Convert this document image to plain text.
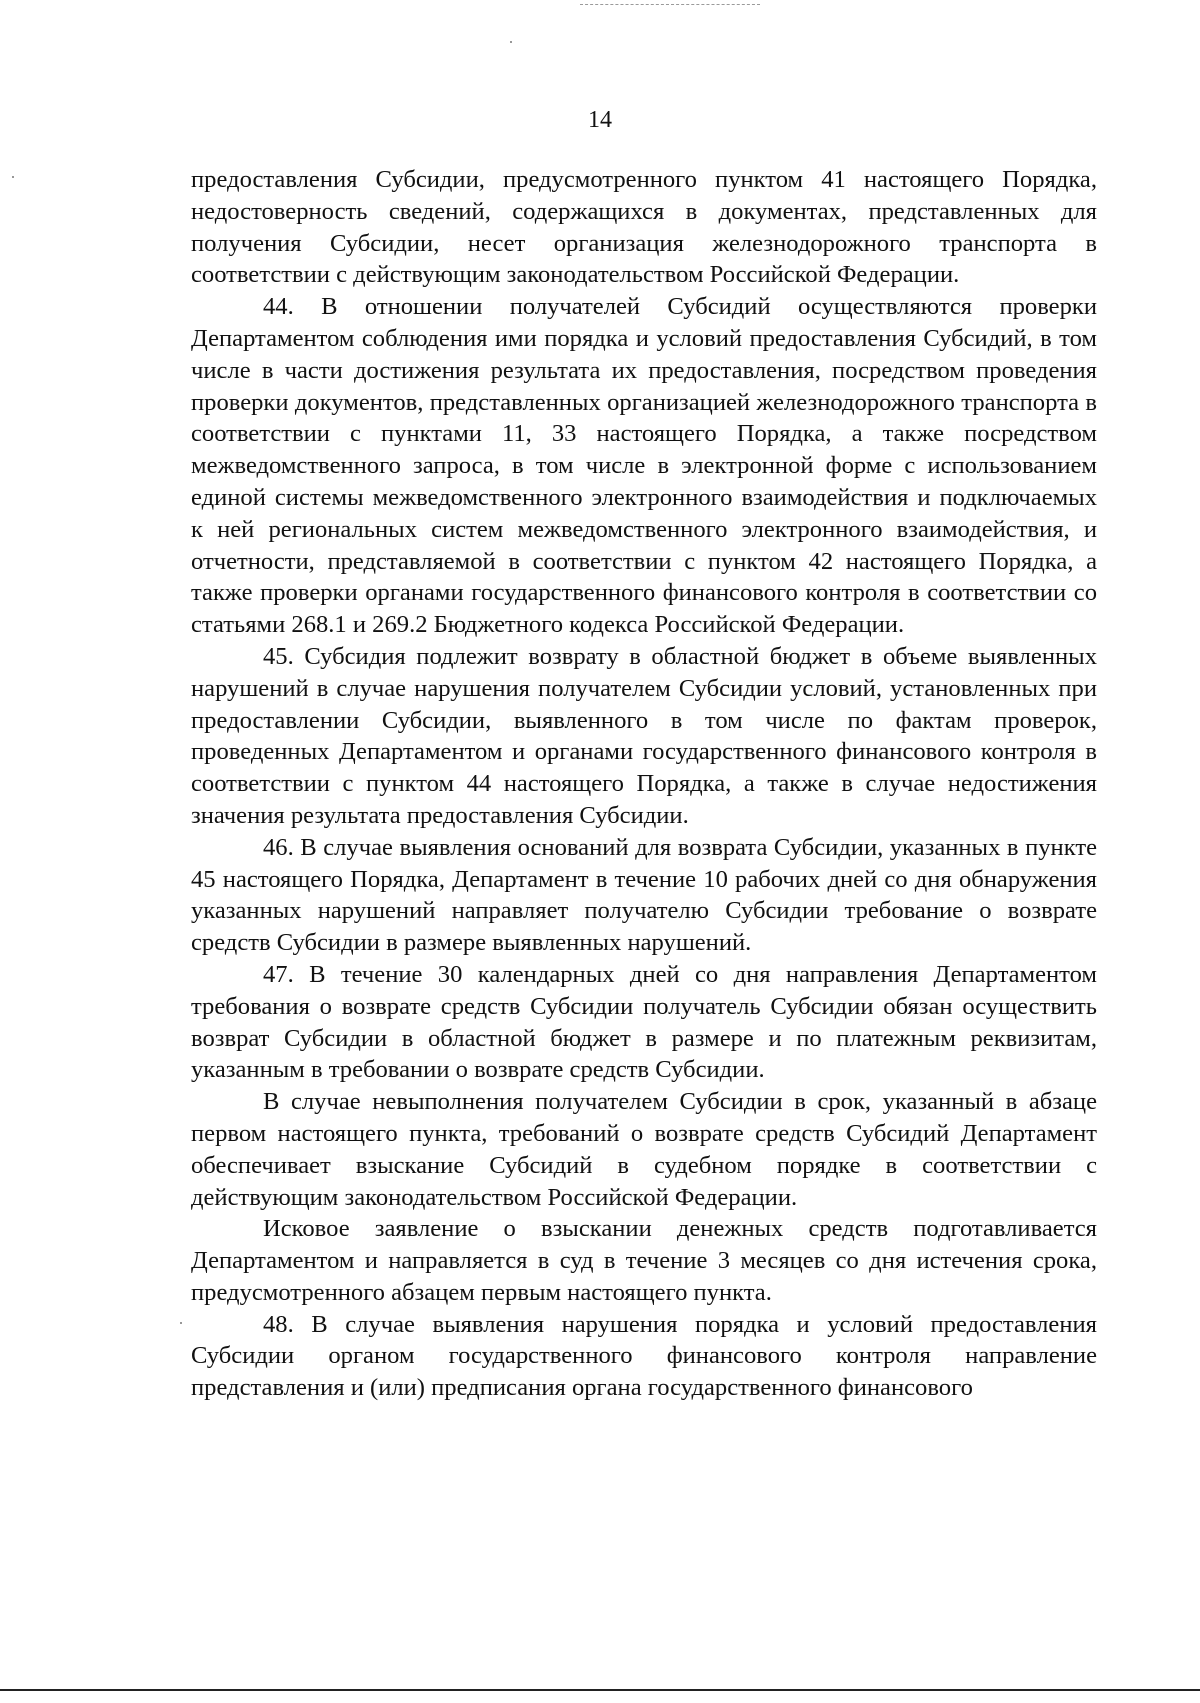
14

предоставления Субсидии, предусмотренного пунктом 41 настоящего Порядка, недостоверность сведений, содержащихся в документах, представленных для получения Субсидии, несет организация железнодорожного транспорта в соответствии с действующим законодательством Российской Федерации.

44. В отношении получателей Субсидий осуществляются проверки Департаментом соблюдения ими порядка и условий предоставления Субсидий, в том числе в части достижения результата их предоставления, посредством проведения проверки документов, представленных организацией железнодорожного транспорта в соответствии с пунктами 11, 33 настоящего Порядка, а также посредством межведомственного запроса, в том числе в электронной форме с использованием единой системы межведомственного электронного взаимодействия и подключаемых к ней региональных систем межведомственного электронного взаимодействия, и отчетности, представляемой в соответствии с пунктом 42 настоящего Порядка, а также проверки органами государственного финансового контроля в соответствии со статьями 268.1 и 269.2 Бюджетного кодекса Российской Федерации.

45. Субсидия подлежит возврату в областной бюджет в объеме выявленных нарушений в случае нарушения получателем Субсидии условий, установленных при предоставлении Субсидии, выявленного в том числе по фактам проверок, проведенных Департаментом и органами государственного финансового контроля в соответствии с пунктом 44 настоящего Порядка, а также в случае недостижения значения результата предоставления Субсидии.

46. В случае выявления оснований для возврата Субсидии, указанных в пункте 45 настоящего Порядка, Департамент в течение 10 рабочих дней со дня обнаружения указанных нарушений направляет получателю Субсидии требование о возврате средств Субсидии в размере выявленных нарушений.

47. В течение 30 календарных дней со дня направления Департаментом требования о возврате средств Субсидии получатель Субсидии обязан осуществить возврат Субсидии в областной бюджет в размере и по платежным реквизитам, указанным в требовании о возврате средств Субсидии.

В случае невыполнения получателем Субсидии в срок, указанный в абзаце первом настоящего пункта, требований о возврате средств Субсидий Департамент обеспечивает взыскание Субсидий в судебном порядке в соответствии с действующим законодательством Российской Федерации.

Исковое заявление о взыскании денежных средств подготавливается Департаментом и направляется в суд в течение 3 месяцев со дня истечения срока, предусмотренного абзацем первым настоящего пункта.

48. В случае выявления нарушения порядка и условий предоставления Субсидии органом государственного финансового контроля направление представления и (или) предписания органа государственного финансового
